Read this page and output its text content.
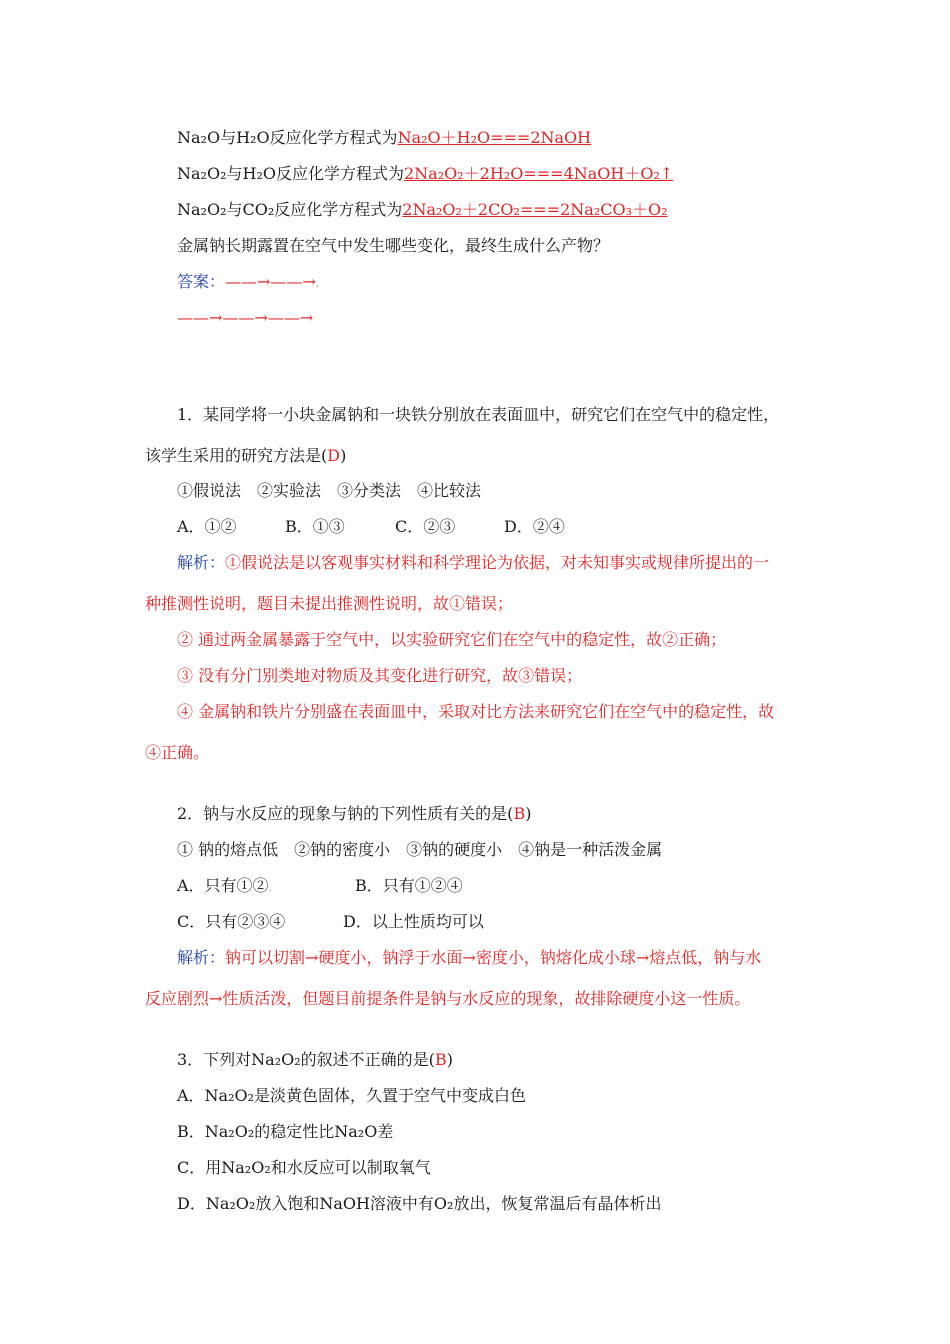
Na₂O与H₂O反应化学方程式为Na₂O＋H₂O===2NaOH
Na₂O₂与H₂O反应化学方程式为2Na₂O₂＋2H₂O===4NaOH＋O₂↑
Na₂O₂与CO₂反应化学方程式为2Na₂O₂＋2CO₂===2Na₂CO₃＋O₂
金属钠长期露置在空气中发生哪些变化，最终生成什么产物？
答案：——→——→.
——→——→——→
1．某同学将一小块金属钠和一块铁分别放在表面皿中，研究它们在空气中的稳定性，
该学生采用的研究方法是(D)
①假说法　②实验法　③分类法　④比较法
A．①②	B．①③	C．②③	D．②④
解析：①假说法是以客观事实材料和科学理论为依据，对未知事实或规律所提出的一
种推测性说明，题目未提出推测性说明，故①错误；
② 通过两金属暴露于空气中，以实验研究它们在空气中的稳定性，故②正确；
③ 没有分门别类地对物质及其变化进行研究，故③错误；
④ 金属钠和铁片分别盛在表面皿中，采取对比方法来研究它们在空气中的稳定性，故
④正确。
2．钠与水反应的现象与钠的下列性质有关的是(B)
① 钠的熔点低　②钠的密度小　③钠的硬度小　④钠是一种活泼金属
A．只有①②.	B．只有①②④
C．只有②③④	D．以上性质均可以
解析：钠可以切割→硬度小，钠浮于水面→密度小，钠熔化成小球→熔点低，钠与水
反应剧烈→性质活泼，但题目前提条件是钠与水反应的现象，故排除硬度小这一性质。
3．下列对Na₂O₂的叙述不正确的是(B)
A．Na₂O₂是淡黄色固体，久置于空气中变成白色
B．Na₂O₂的稳定性比Na₂O差
C．用Na₂O₂和水反应可以制取氧气
D．Na₂O₂放入饱和NaOH溶液中有O₂放出，恢复常温后有晶体析出
